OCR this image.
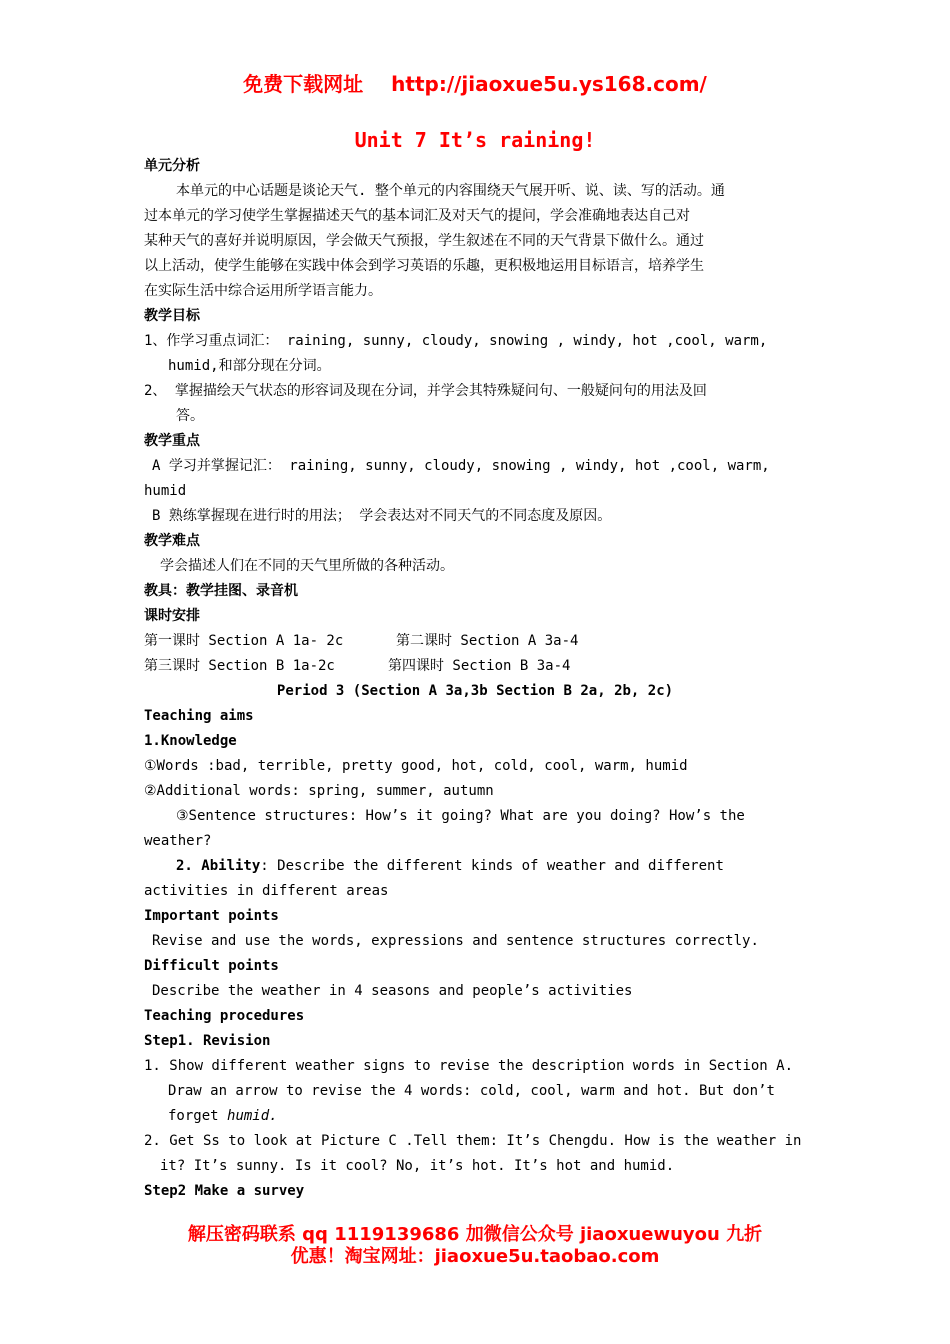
免费下载网址 http://jiaoxue5u.ys168.com/
Unit 7 It’s raining!
单元分析
本单元的中心话题是谈论天气. 整个单元的内容围绕天气展开听、说、读、写的活动。通
过本单元的学习使学生掌握描述天气的基本词汇及对天气的提问，学会准确地表达自己对
某种天气的喜好并说明原因，学会做天气预报，学生叙述在不同的天气背景下做什么。通过
以上活动，使学生能够在实践中体会到学习英语的乐趣，更积极地运用目标语言，培养学生
在实际生活中综合运用所学语言能力。
教学目标
1、作学习重点词汇： raining, sunny, cloudy, snowing , windy, hot ,cool, warm,
humid,和部分现在分词。
2、 掌握描绘天气状态的形容词及现在分词，并学会其特殊疑问句、一般疑问句的用法及回
答。
教学重点
A 学习并掌握记汇： raining, sunny, cloudy, snowing , windy, hot ,cool, warm,
humid
B 熟练掌握现在进行时的用法； 学会表达对不同天气的不同态度及原因。
教学难点
学会描述人们在不同的天气里所做的各种活动。
教具：教学挂图、录音机
课时安排
第一课时 Section A 1a- 2c	第二课时 Section A 3a-4
第三课时 Section B 1a-2c	第四课时 Section B 3a-4
Period 3 (Section A 3a,3b Section B 2a, 2b, 2c)
Teaching aims
1.Knowledge
①Words :bad, terrible, pretty good, hot, cold, cool, warm, humid
②Additional words: spring, summer, autumn
③Sentence structures: How’s it going? What are you doing? How’s the
weather?
2. Ability: Describe the different kinds of weather and different
activities in different areas
Important points
Revise and use the words, expressions and sentence structures correctly.
Difficult points
Describe the weather in 4 seasons and people’s activities
Teaching procedures
Step1. Revision
1. Show different weather signs to revise the description words in Section A.
Draw an arrow to revise the 4 words: cold, cool, warm and hot. But don’t
forget humid.
2. Get Ss to look at Picture C .Tell them: It’s Chengdu. How is the weather in
it? It’s sunny. Is it cool? No, it’s hot. It’s hot and humid.
Step2 Make a survey
解压密码联系 qq 1119139686 加微信公众号 jiaoxuewuyou 九折
优惠！淘宝网址：jiaoxue5u.taobao.com
